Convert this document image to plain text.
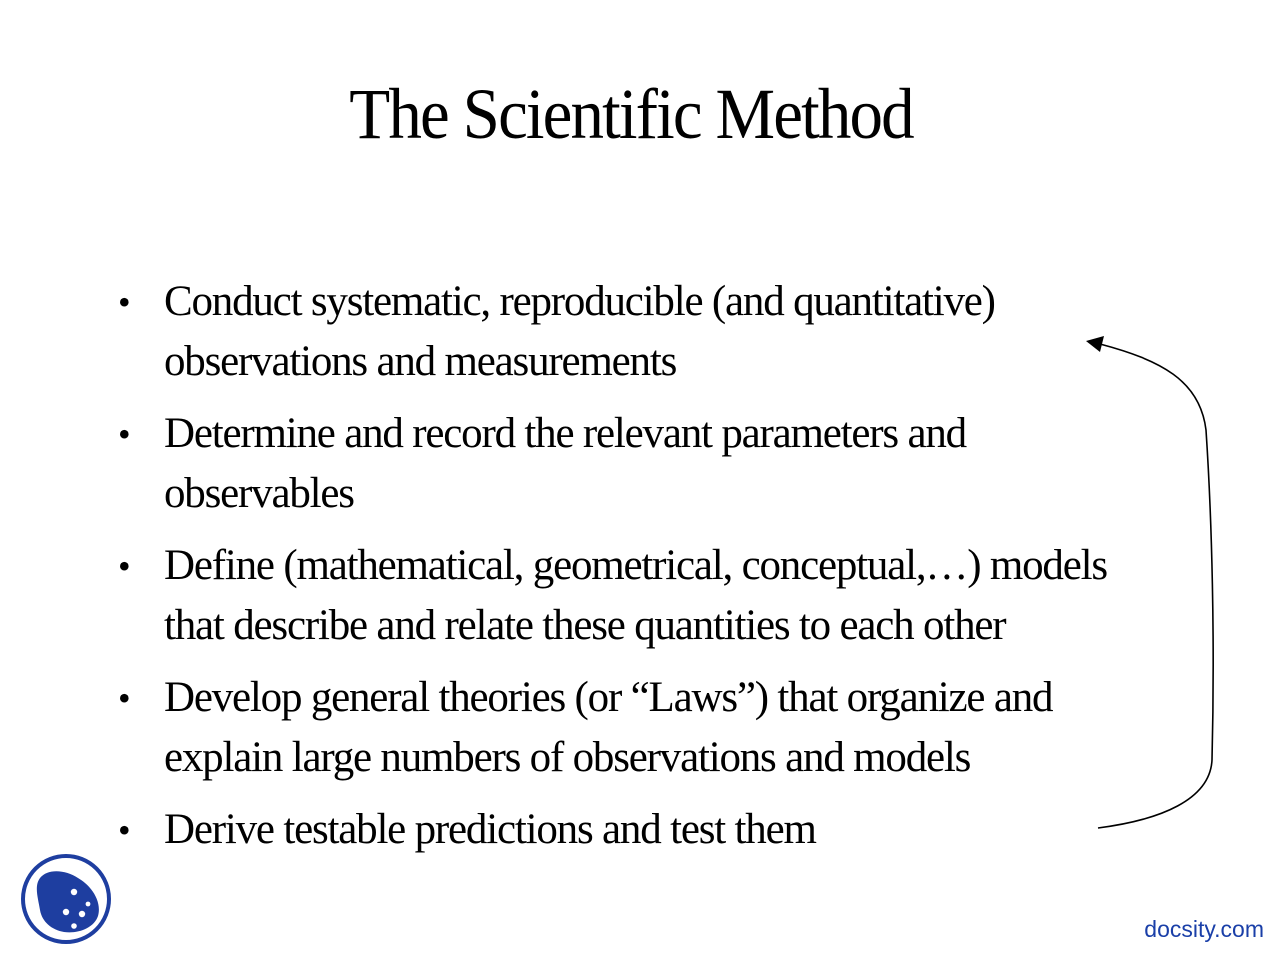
The Scientific Method
• Conduct systematic, reproducible (and quantitative)
observations and measurements
• Determine and record the relevant parameters and
observables
• Define (mathematical, geometrical, conceptual,…) models
that describe and relate these quantities to each other
• Develop general theories (or “Laws”) that organize and
explain large numbers of observations and models
• Derive testable predictions and test them
docsity.com
